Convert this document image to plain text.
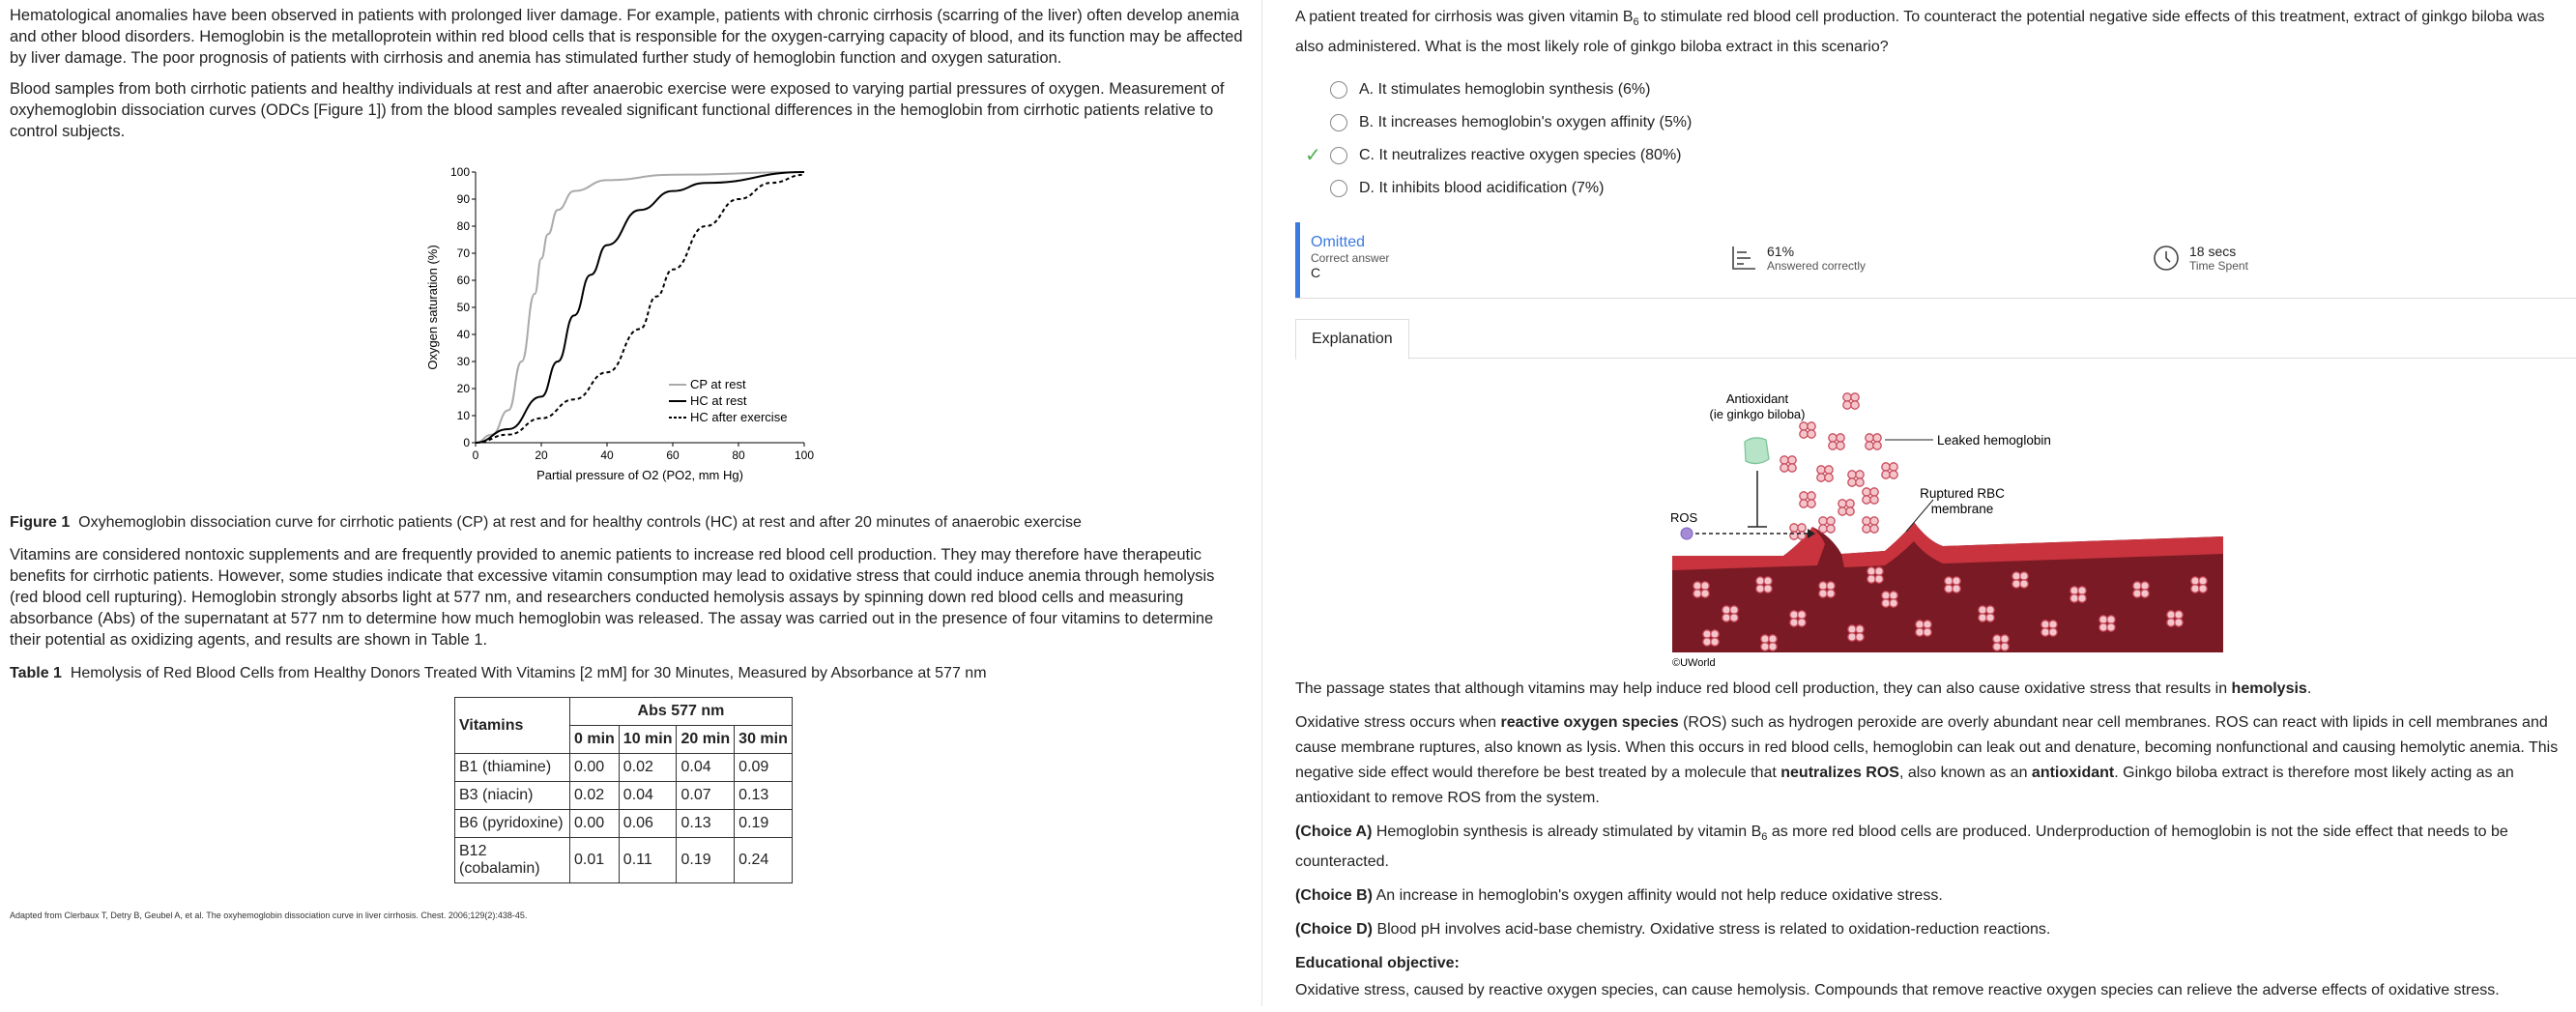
Hematological anomalies have been observed in patients with prolonged liver damage. For example, patients with chronic cirrhosis (scarring of the liver) often develop anemia and other blood disorders. Hemoglobin is the metalloprotein within red blood cells that is responsible for the oxygen-carrying capacity of blood, and its function may be affected by liver damage. The poor prognosis of patients with cirrhosis and anemia has stimulated further study of hemoglobin function and oxygen saturation.

Blood samples from both cirrhotic patients and healthy individuals at rest and after anaerobic exercise were exposed to varying partial pressures of oxygen. Measurement of oxyhemoglobin dissociation curves (ODCs [Figure 1]) from the blood samples revealed significant functional differences in the hemoglobin from cirrhotic patients relative to control subjects.

0
10
20
30
40
50
60
70
80
90
100
0	20	40	60	80	100
Oxygen saturation (%)
Partial pressure of O2 (PO2, mm Hg)
CP at rest
HC at rest
HC after exercise
Figure 1 Oxyhemoglobin dissociation curve for cirrhotic patients (CP) at rest and for healthy controls (HC) at rest and after 20 minutes of anaerobic exercise

Vitamins are considered nontoxic supplements and are frequently provided to anemic patients to increase red blood cell production. They may therefore have therapeutic benefits for cirrhotic patients. However, some studies indicate that excessive vitamin consumption may lead to oxidative stress that could induce anemia through hemolysis (red blood cell rupturing). Hemoglobin strongly absorbs light at 577 nm, and researchers conducted hemolysis assays by spinning down red blood cells and measuring absorbance (Abs) of the supernatant at 577 nm to determine how much hemoglobin was released. The assay was carried out in the presence of four vitamins to determine their potential as oxidizing agents, and results are shown in Table 1.

Table 1 Hemolysis of Red Blood Cells from Healthy Donors Treated With Vitamins [2 mM] for 30 Minutes, Measured by Absorbance at 577 nm
Vitamins	Abs 577 nm			
	0 min	10 min	20 min	30 min
B1 (thiamine)	0.00	0.02	0.04	0.09
B3 (niacin)	0.02	0.04	0.07	0.13
B6 (pyridoxine)	0.00	0.06	0.13	0.19
B12 (cobalamin)	0.01	0.11	0.19	0.24
Adapted from Clerbaux T, Detry B, Geubel A, et al. The oxyhemoglobin dissociation curve in liver cirrhosis. Chest. 2006;129(2):438-45.

A patient treated for cirrhosis was given vitamin $B_6$ to stimulate red blood cell production. To counteract the potential negative side effects of this treatment, extract of ginkgo biloba was also administered. What is the most likely role of ginkgo biloba extract in this scenario?

A.
It stimulates hemoglobin synthesis
(6%)
B.
It increases hemoglobin's oxygen affinity
(5%)
✓ C.
It neutralizes reactive oxygen species
(80%)
D.
It inhibits blood acidification
(7%)
Omitted
Correct answer
C
61%
Answered correctly
18 secs
Time Spent
Explanation
Antioxidant
(ie ginkgo biloba)
ROS
Leaked hemoglobin
Ruptured RBC
membrane
©UWorld

The passage states that although vitamins may help induce red blood cell production, they can also cause oxidative stress that results in hemolysis.

Oxidative stress occurs when reactive oxygen species (ROS) such as hydrogen peroxide are overly abundant near cell membranes. ROS can react with lipids in cell membranes and cause membrane ruptures, also known as lysis. When this occurs in red blood cells, hemoglobin can leak out and denature, becoming nonfunctional and causing hemolytic anemia. This negative side effect would therefore be best treated by a molecule that neutralizes ROS, also known as an antioxidant. Ginkgo biloba extract is therefore most likely acting as an antioxidant to remove ROS from the system.

(Choice A) Hemoglobin synthesis is already stimulated by vitamin $B_6$ as more red blood cells are produced. Underproduction of hemoglobin is not the side effect that needs to be counteracted.

(Choice B) An increase in hemoglobin's oxygen affinity would not help reduce oxidative stress.

(Choice D) Blood pH involves acid-base chemistry. Oxidative stress is related to oxidation-reduction reactions.

Educational objective:

Oxidative stress, caused by reactive oxygen species, can cause hemolysis. Compounds that remove reactive oxygen species can relieve the adverse effects of oxidative stress.
